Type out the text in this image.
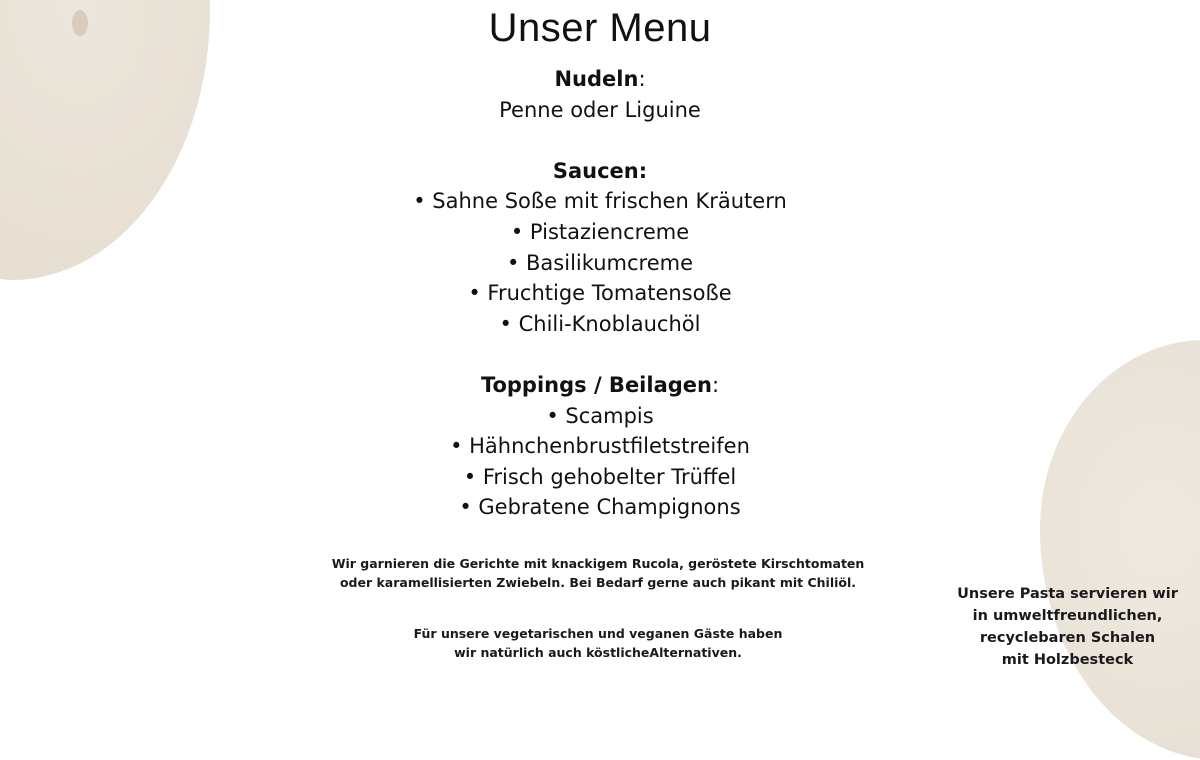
Unser Menu
Nudeln:
Penne oder Liguine
Saucen:
• Sahne Soße mit frischen Kräutern
• Pistaziencreme
• Basilikumcreme
• Fruchtige Tomatensoße
• Chili-Knoblauchöl
Toppings / Beilagen:
• Scampis
• Hähnchenbrustfiletstreifen
• Frisch gehobelter Trüffel
• Gebratene Champignons
Wir garnieren die Gerichte mit knackigem Rucola, geröstete Kirschtomaten
oder karamellisierten Zwiebeln. Bei Bedarf gerne auch pikant mit Chiliöl.
Für unsere vegetarischen und veganen Gäste haben
wir natürlich auch köstlicheAlternativen.
Unsere Pasta servieren wir
in umweltfreundlichen,
recyclebaren Schalen
mit Holzbesteck
